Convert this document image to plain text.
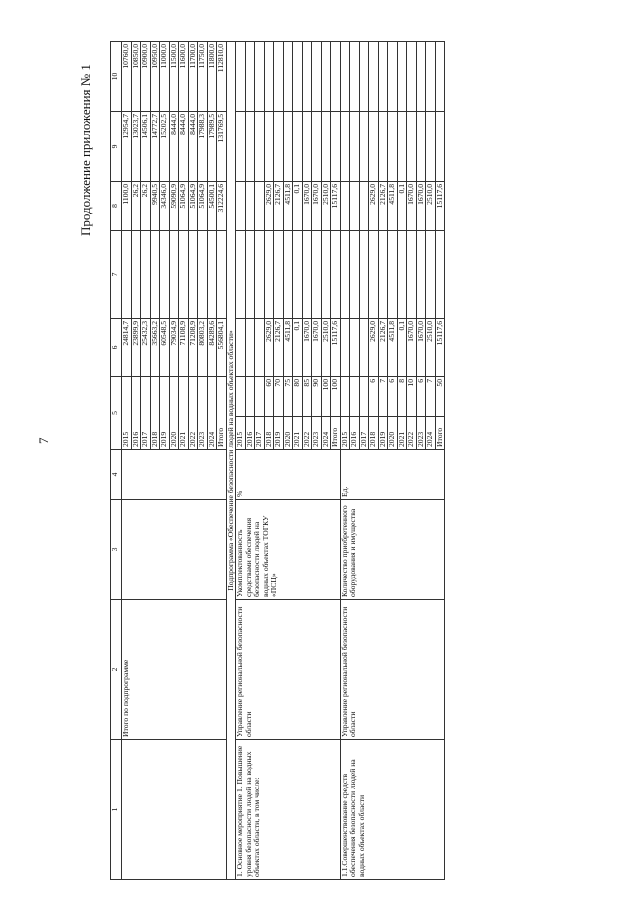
7
Продолжение приложения № 1
1	2	3	4	5		6	7	8	9	10
	Итого по подпрограмме			2015		24814,7		1100,0	12954,7	10760,0
				2016		23899,9		26,2	13023,7	10850,0
				2017		25432,3		26,2	14506,1	10900,0
				2018		35663,2		9940,5	14772,7	10950,0
				2019		60548,5		34346,0	15202,5	11000,0
				2020		79034,9		59090,9	8444,0	11500,0
				2021		71108,9		51064,9	8444,0	11600,0
				2022		71208,9		51064,9	8444,0	11700,0
				2023		80803,2		51064,9	17988,3	11750,0
				2024		84289,6		54500,1	17989,5	11800,0
				Итого		556804,1		312224,6	131769,5	112810,0
Подпрограмма «Обеспечение безопасности людей на водных объектах области»										
1. Основное мероприятие 1. Повышение уровня безопасности людей на водных объектах области, в том числе:	Управление региональной безопасности области	Укомплектованность средствами обеспечения безопасности людей на водных объектах ТОГКУ «ПСЦ»	%	2015						
				2016						
				2017						
				2018	60	2629,0		2629,0		
				2019	70	2126,7		2126,7		
				2020	75	4511,8		4511,8		
				2021	80	0,1		0,1		
				2022	85	1670,0		1670,0		
				2023	90	1670,0		1670,0		
				2024	100	2510,0		2510,0		
				Итого	100	15117,6		15117,6		
1.1.Совершенствование средств обеспечения безопасности людей на водных объектах области	Управление региональной безопасности области	Количество приобретенного оборудования и имущества	Ед.	2015						
				2016						
				2017						
				2018	6	2629,0		2629,0		
				2019	7	2126,7		2126,7		
				2020	6	4511,8		4511,8		
				2021	8	0,1		0,1		
				2022	10	1670,0		1670,0		
				2023	6	1670,0		1670,0		
				2024	7	2510,0		2510,0		
				Итого	50	15117,6		15117,6		
